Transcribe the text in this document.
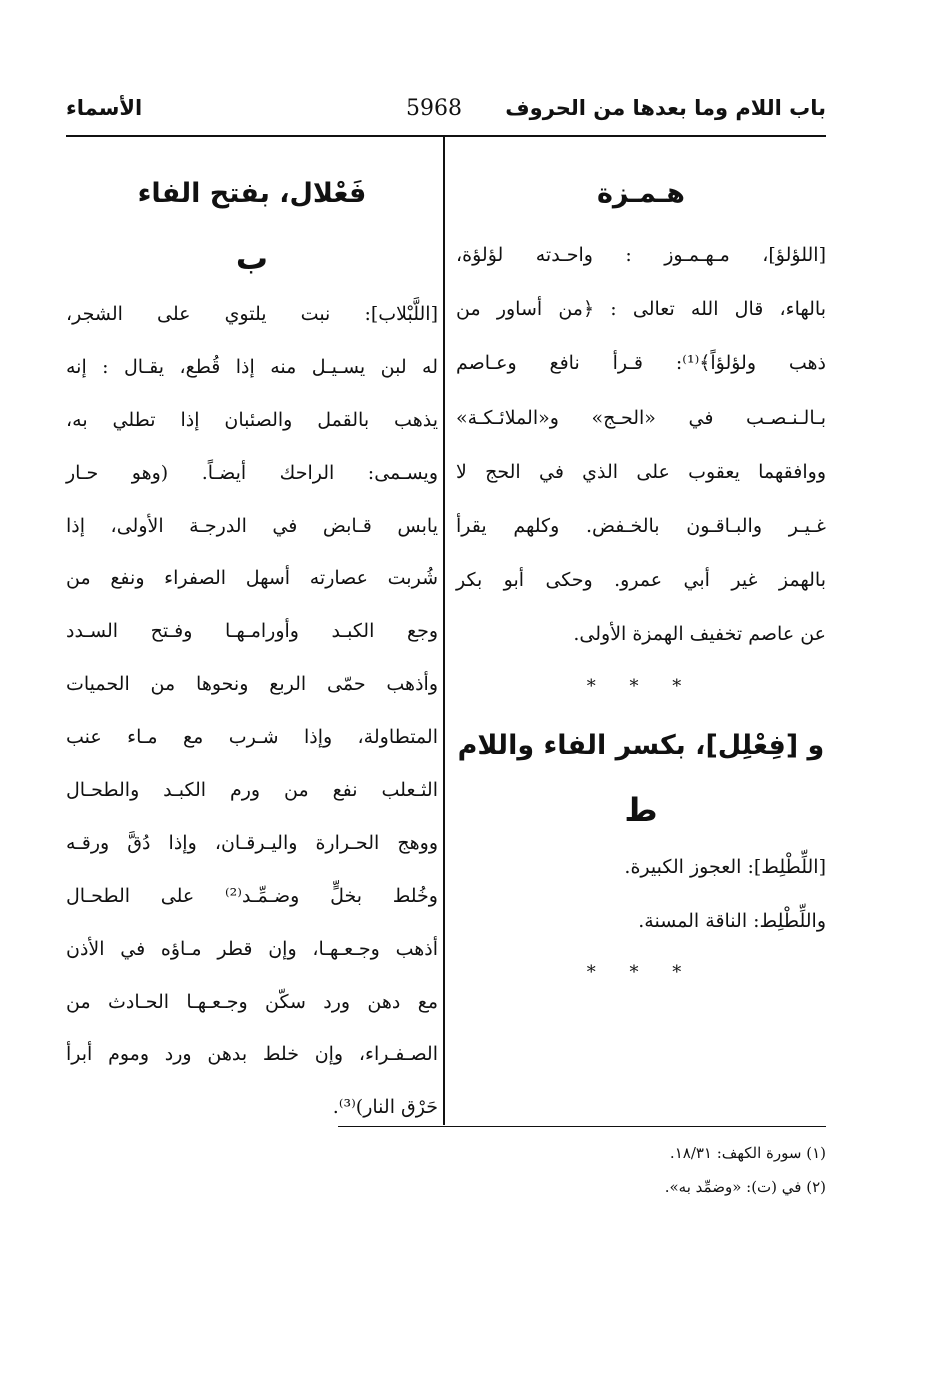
باب اللام وما بعدها من الحروف
5968
الأسماء
هـمـزة
[اللؤلؤ]، مـهـمـوز : واحـدته لؤلؤة،
بالهاء، قال الله تعالى : ﴿من أساور من
ذهب ولؤلؤاً﴾⁽¹⁾: قـرأ نافع وعـاصم
بـالـنـصـب في «الحـج» و«الملائـكـة»
ووافقهما يعقوب على الذي في الحج لا
غـيـر والبـاقـون بالخـفض. وكلهم يقرأ
بالهمز غير أبي عمرو. وحكى أبو بكر
عن عاصم تخفيف الهمزة الأولى.
* * *
و [فِعْلِل]، بكسر الفاء واللام
ط
[اللِّطْلِط]: العجوز الكبيرة.
واللِّطْلِط: الناقة المسنة.
* * *
فَعْلال، بفتح الفاء
ب
[اللَّبْلاب]: نبت يلتوي على الشجر،
له لبن يسـيـل منه إذا قُطع، يقـال : إنه
يذهب بالقمل والصئبان إذا تطلي به،
ويسـمى: الراحك أيضـاً. (وهو حـار
يابس قـابض في الدرجـة الأولى، إذا
شُربت عصارته أسهل الصفراء ونفع من
وجع الكبـد وأورامـهـا وفـتح السـدد
وأذهب حمّى الربع ونحوها من الحميات
المتطاولة، وإذا شـرب مع مـاء عنب
الثـعلب نفع من ورم الكبـد والطحـال
ووهج الحـرارة واليـرقـان، وإذا دُقَّ ورقـه
وخُلط بخلٍّ وضـمِّـد⁽²⁾ على الطحـال
أذهب وجـعـهـا، وإن قطر مـاؤه في الأذن
مع دهن ورد سكّن وجـعـهـا الحـادث من
الصـفـراء، وإن خلط بدهن ورد وموم أبرأ
حَرْق النار)⁽³⁾.
(١) سورة الكهف: ١٨/٣١.
(٢) في (ت): «وضمِّد به».
